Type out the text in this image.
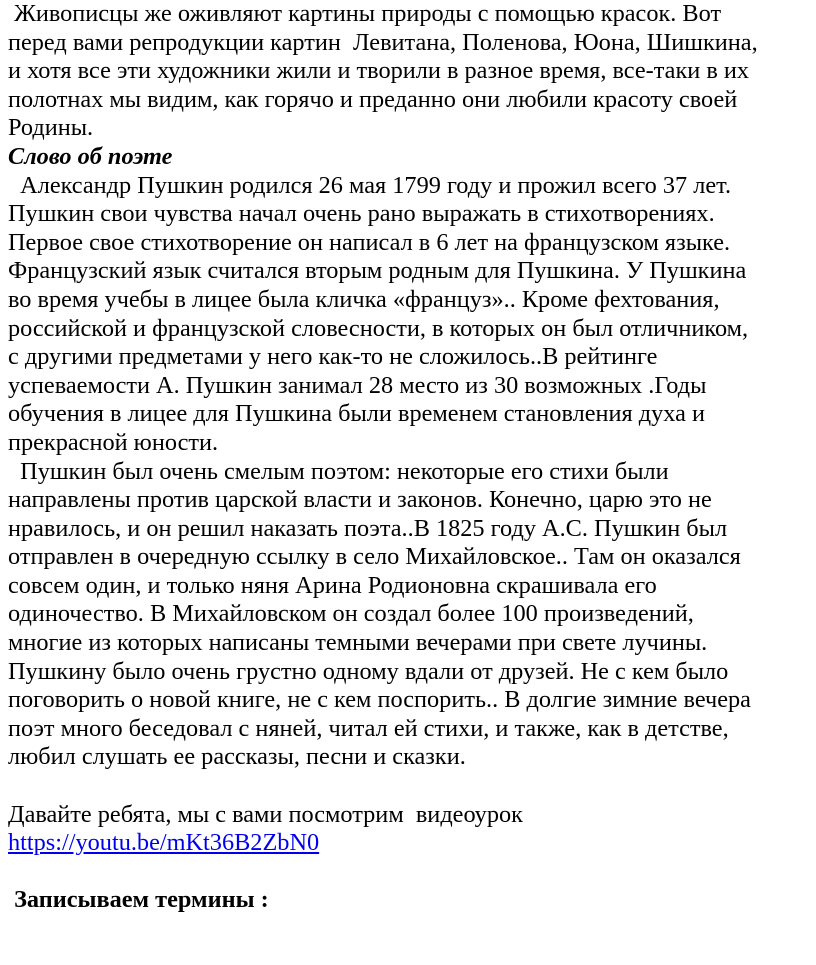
Живописцы же оживляют картины природы с помощью красок. Вот
перед вами репродукции картин  Левитана, Поленова, Юона, Шишкина,
и хотя все эти художники жили и творили в разное время, все-таки в их
полотнах мы видим, как горячо и преданно они любили красоту своей
Родины.
Слово об поэте
Александр Пушкин родился 26 мая 1799 году и прожил всего 37 лет.
Пушкин свои чувства начал очень рано выражать в стихотворениях.
Первое свое стихотворение он написал в 6 лет на французском языке.
Французский язык считался вторым родным для Пушкина. У Пушкина
во время учебы в лицее была кличка «француз».. Кроме фехтования,
российской и французской словесности, в которых он был отличником,
с другими предметами у него как-то не сложилось..В рейтинге
успеваемости А. Пушкин занимал 28 место из 30 возможных .Годы
обучения в лицее для Пушкина были временем становления духа и
прекрасной юности.
Пушкин был очень смелым поэтом: некоторые его стихи были
направлены против царской власти и законов. Конечно, царю это не
нравилось, и он решил наказать поэта..В 1825 году А.С. Пушкин был
отправлен в очередную ссылку в село Михайловское.. Там он оказался
совсем один, и только няня Арина Родионовна скрашивала его
одиночество. В Михайловском он создал более 100 произведений,
многие из которых написаны темными вечерами при свете лучины.
Пушкину было очень грустно одному вдали от друзей. Не с кем было
поговорить о новой книге, не с кем поспорить.. В долгие зимние вечера
поэт много беседовал с няней, читал ей стихи, и также, как в детстве,
любил слушать ее рассказы, песни и сказки.
Давайте ребята, мы с вами посмотрим  видеоурок
https://youtu.be/mKt36B2ZbN0
Записываем термины :
